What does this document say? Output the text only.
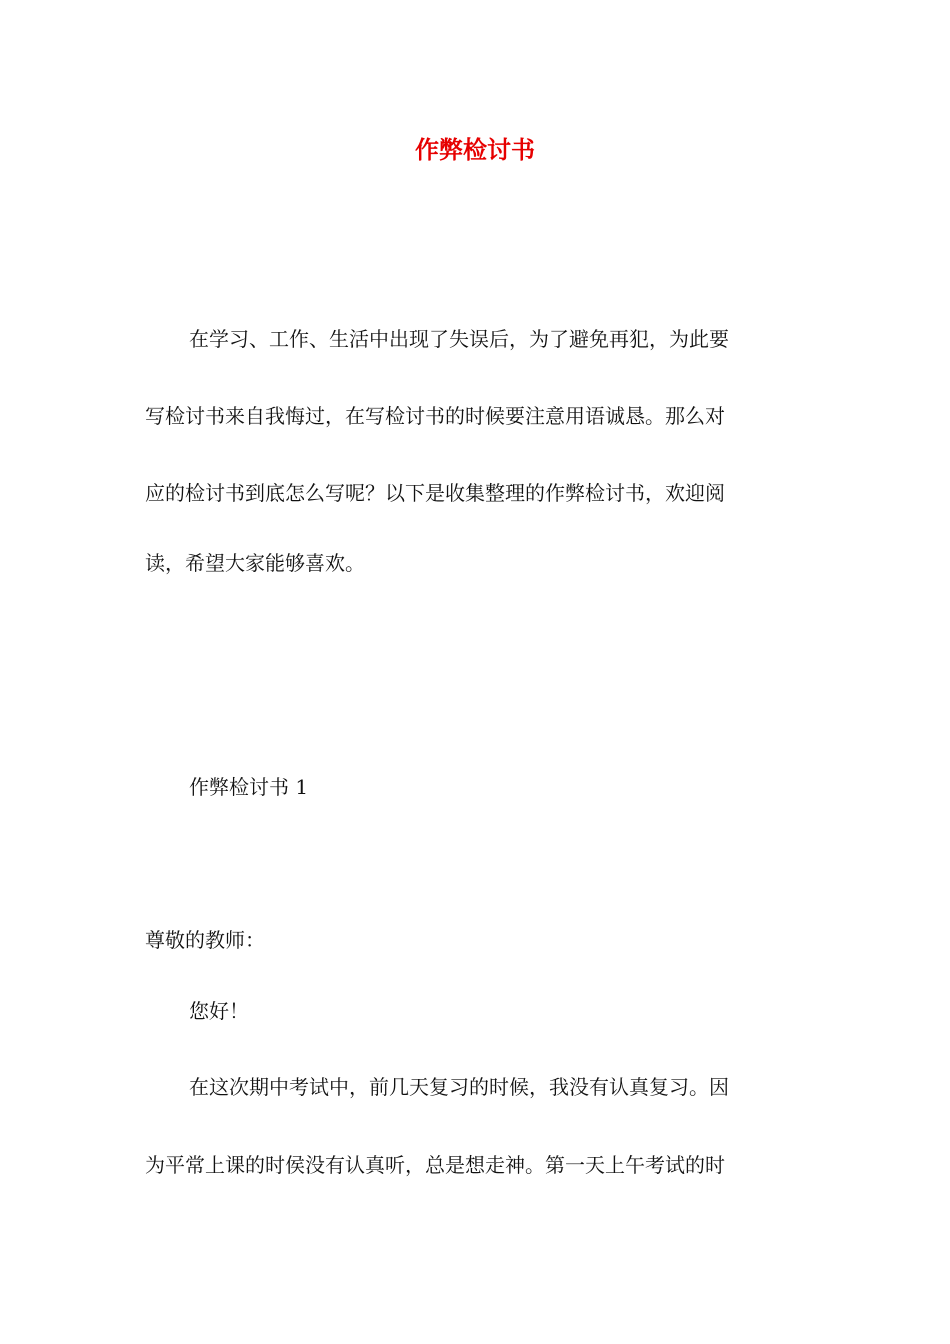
作弊检讨书

在学习、工作、生活中出现了失误后，为了避免再犯，为此要

写检讨书来自我悔过，在写检讨书的时候要注意用语诚恳。那么对

应的检讨书到底怎么写呢？以下是收集整理的作弊检讨书，欢迎阅

读，希望大家能够喜欢。

作弊检讨书 1

尊敬的教师：

您好！

在这次期中考试中，前几天复习的时候，我没有认真复习。因

为平常上课的时侯没有认真听，总是想走神。第一天上午考试的时
